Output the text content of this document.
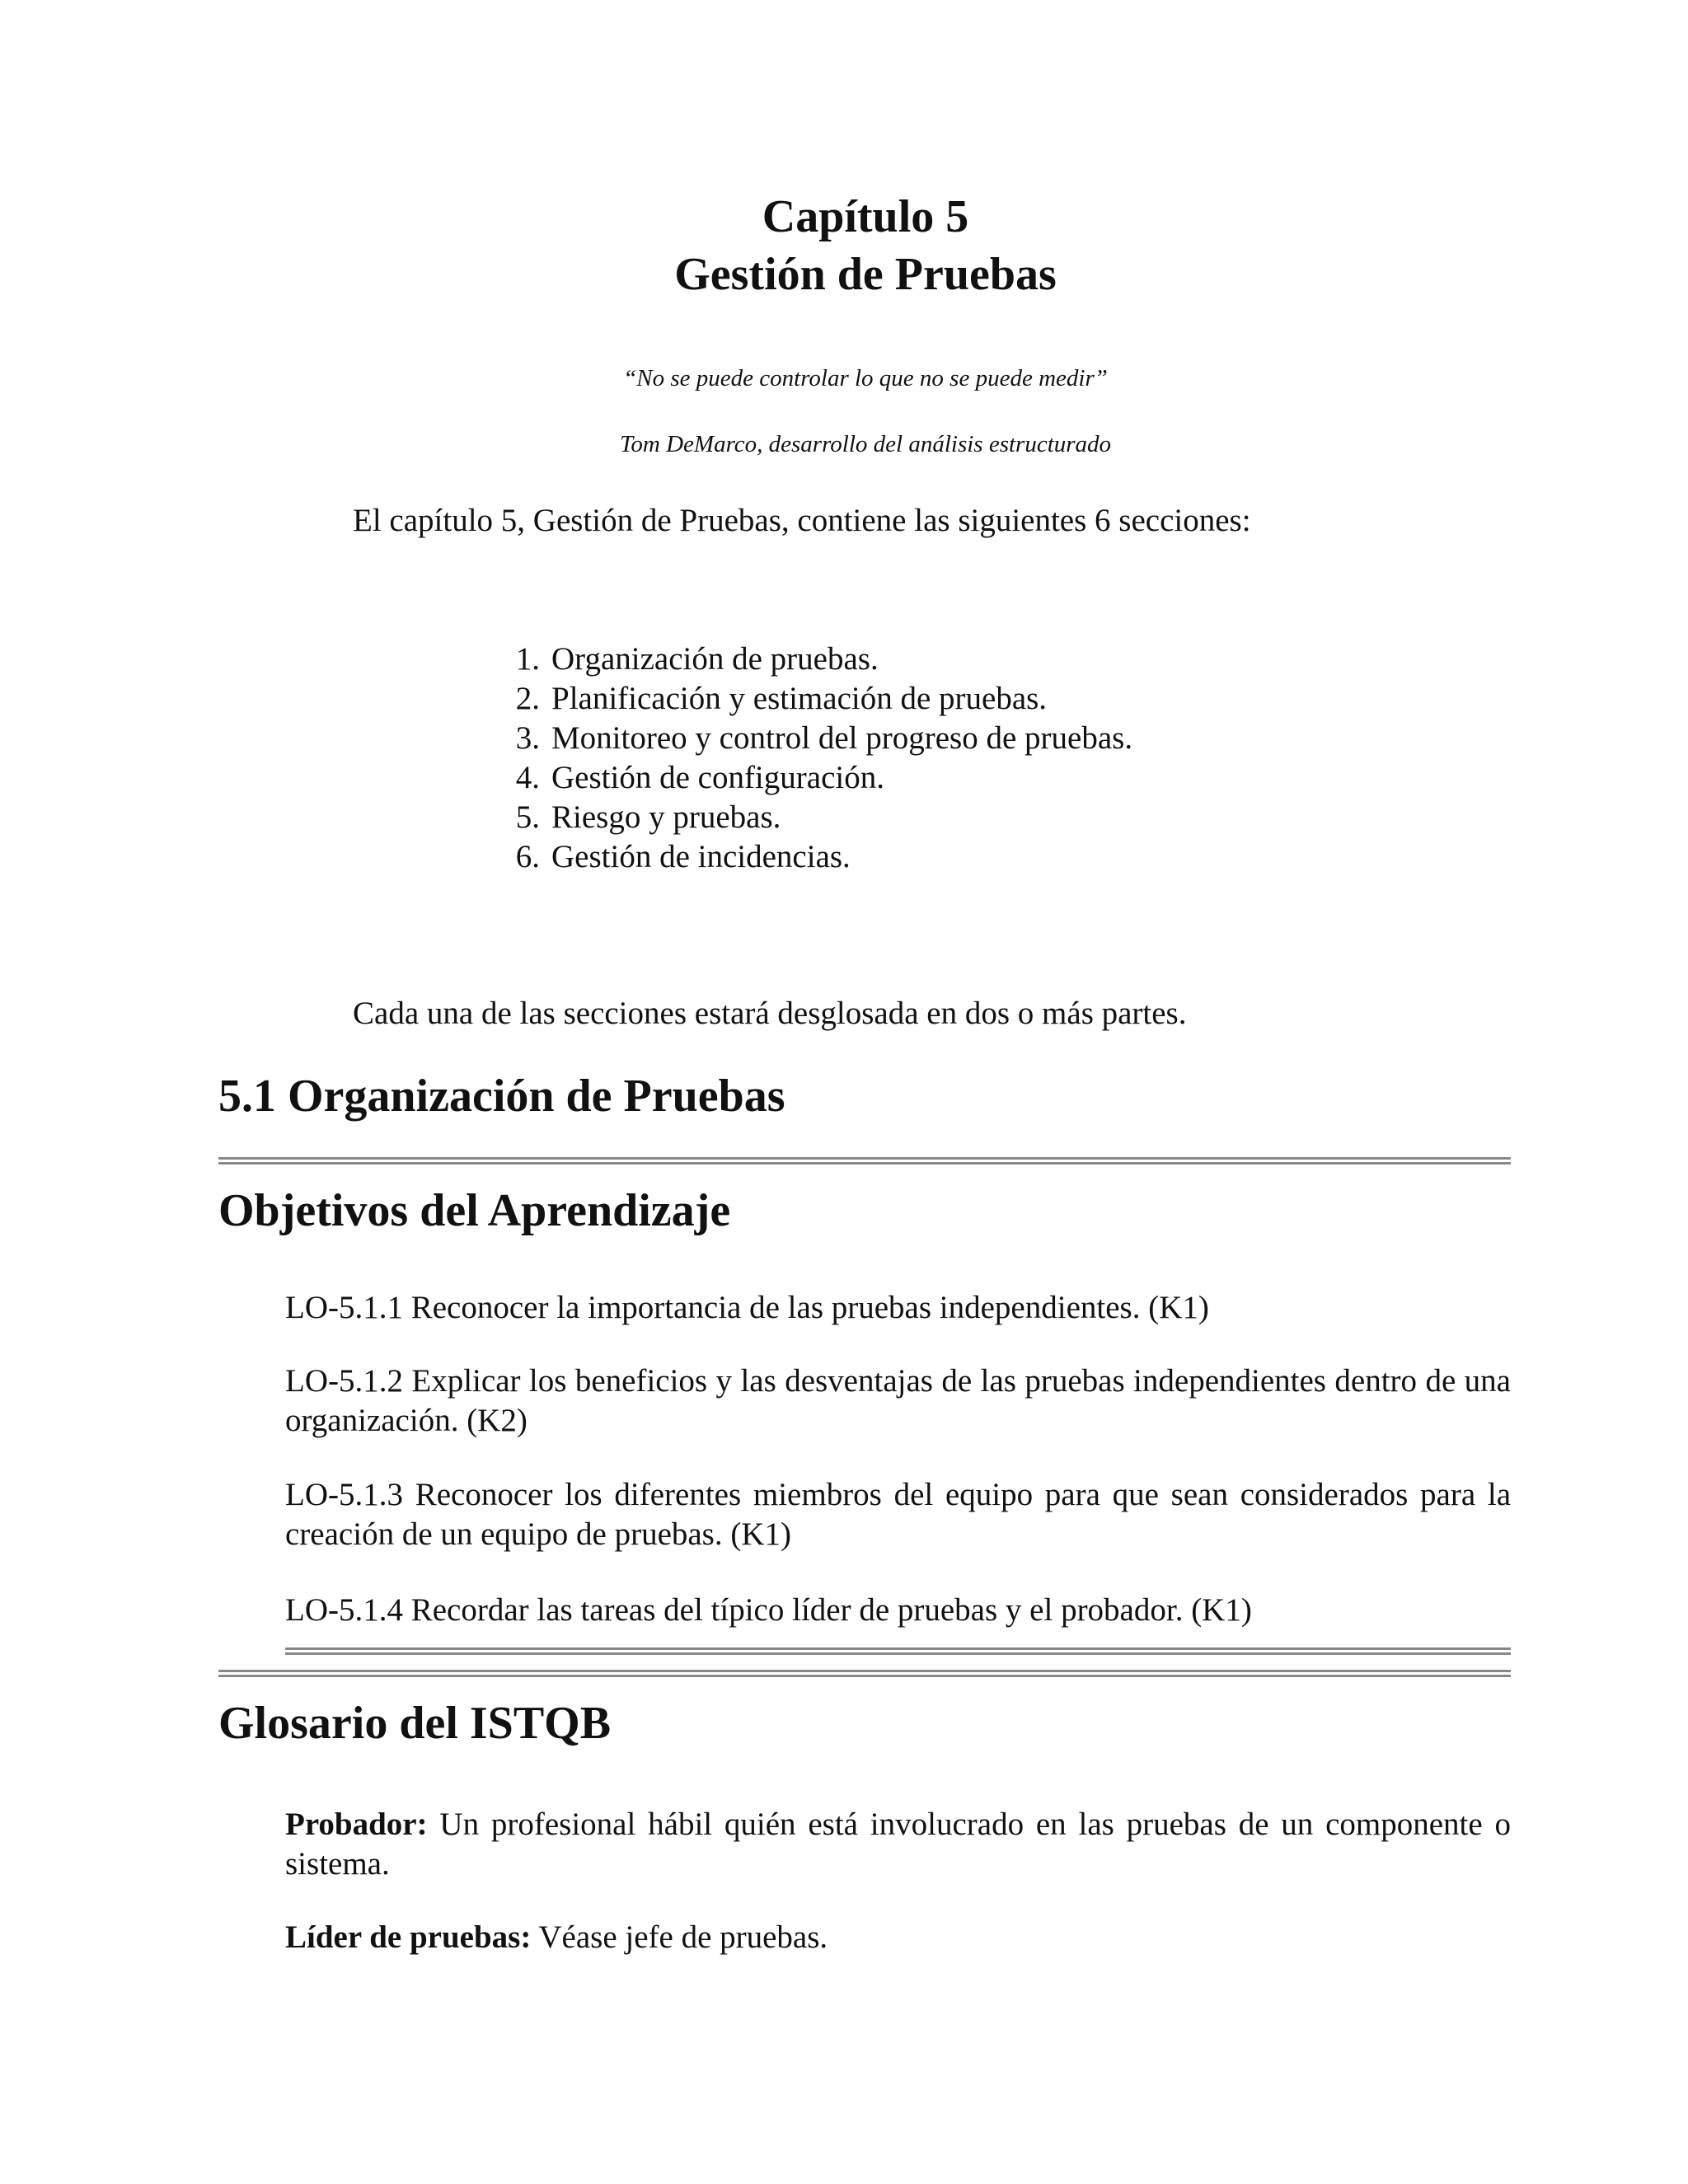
Capítulo 5
Gestión de Pruebas

“No se puede controlar lo que no se puede medir”

Tom DeMarco, desarrollo del análisis estructurado

El capítulo 5, Gestión de Pruebas, contiene las siguientes 6 secciones:

1. Organización de pruebas.
2. Planificación y estimación de pruebas.
3. Monitoreo y control del progreso de pruebas.
4. Gestión de configuración.
5. Riesgo y pruebas.
6. Gestión de incidencias.

Cada una de las secciones estará desglosada en dos o más partes.

5.1 Organización de Pruebas
Objetivos del Aprendizaje

LO-5.1.1 Reconocer la importancia de las pruebas independientes. (K1)

LO-5.1.2 Explicar los beneficios y las desventajas de las pruebas independientes dentro de una organización. (K2)

LO-5.1.3 Reconocer los diferentes miembros del equipo para que sean considerados para la creación de un equipo de pruebas. (K1)

LO-5.1.4 Recordar las tareas del típico líder de pruebas y el probador. (K1)

Glosario del ISTQB

Probador: Un profesional hábil quién está involucrado en las pruebas de un componente o sistema.

Líder de pruebas: Véase jefe de pruebas.
